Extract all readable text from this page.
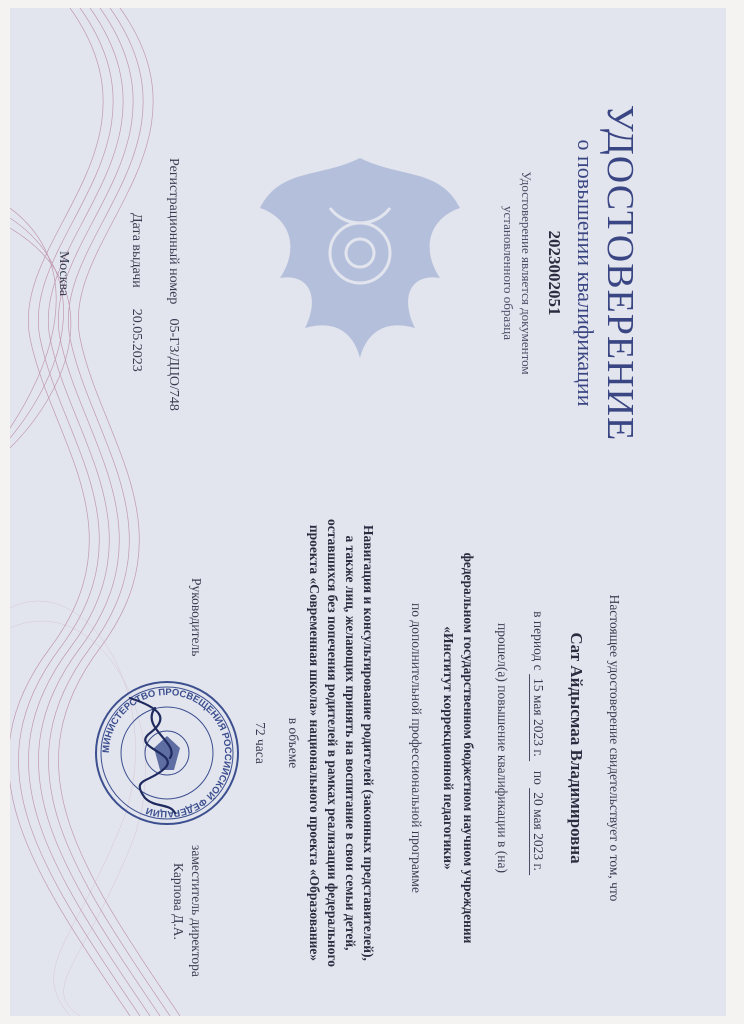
МИНИСТЕРСТВО ПРОСВЕЩЕНИЯ РОССИЙСКОЙ ФЕДЕРАЦИИ
УДОСТОВЕРЕНИЕ
о повышении квалификации
2023002051
Удостоверение является документом
установленного образца
Регистрационный номер    05-ГЗ/ДЦО/748
Дата выдачи      20.05.2023
Москва
Настоящее удостоверение свидетельствует о том, что
Сат Айдысмаа Владимировна
в период с 15 мая 2023 г.   по 20 мая 2023 г.
прошел(а) повышение квалификации в (на)
федеральном государственном бюджетном научном учреждении
«Институт коррекционной педагогики»
по дополнительной профессиональной программе
Навигация и консультирование родителей (законных представителей),
а также лиц, желающих принять на воспитание в свои семьи детей,
оставшихся без попечения родителей в рамках реализации федерального
проекта «Современная школа» национального проекта «Образование»
в объеме
72 часа
Руководитель
заместитель директора
Карпова Д.А.
